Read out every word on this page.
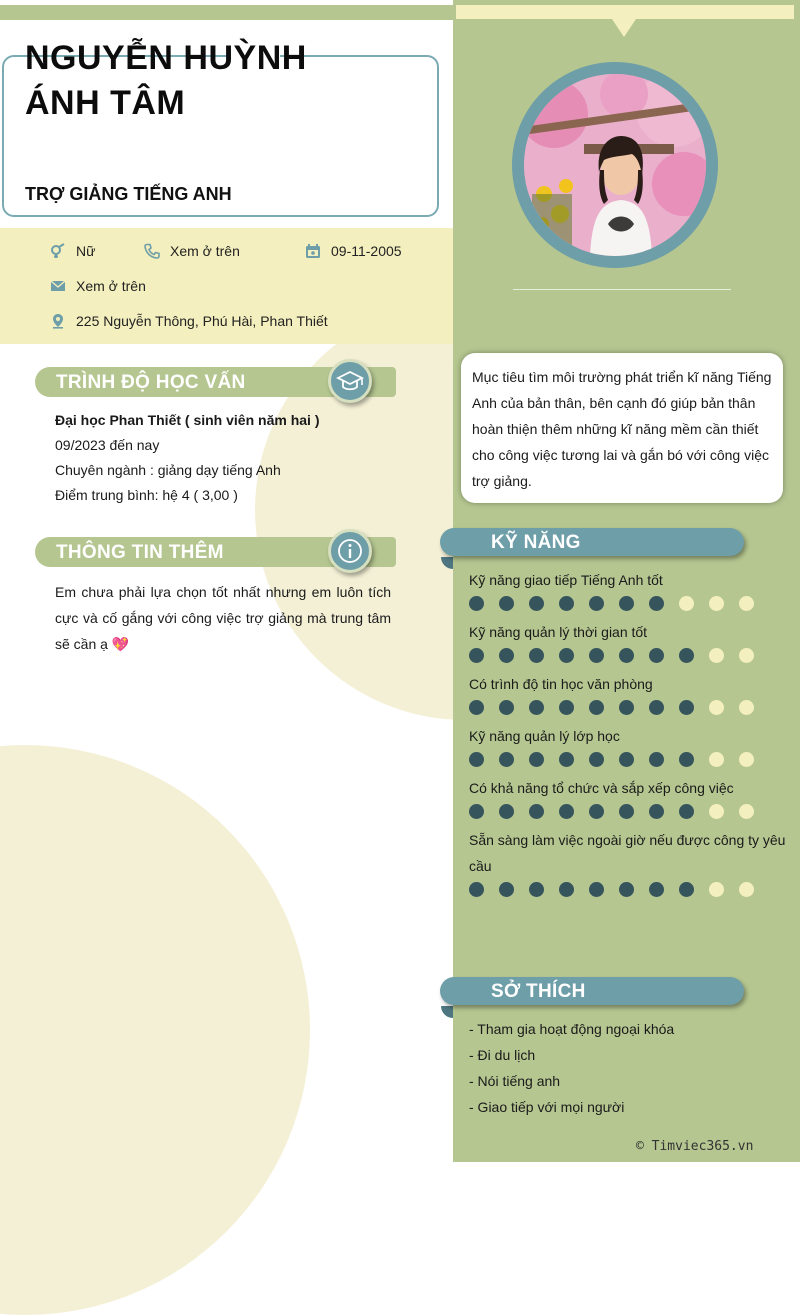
NGUYỄN HUỲNH ÁNH TÂM
TRỢ GIẢNG TIẾNG ANH
Nữ	Xem ở trên	09-11-2005
Xem ở trên
225 Nguyễn Thông, Phú Hài, Phan Thiết
TRÌNH ĐỘ HỌC VẤN
Đại học Phan Thiết ( sinh viên năm hai )
09/2023 đến nay
Chuyên ngành : giảng dạy tiếng Anh
Điểm trung bình: hệ 4 ( 3,00 )
THÔNG TIN THÊM
Em chưa phải lựa chọn tốt nhất nhưng em luôn tích cực và cố gắng với công việc trợ giảng mà trung tâm sẽ cần ạ 💖
Mục tiêu tìm môi trường phát triển kĩ năng Tiếng Anh của bản thân, bên cạnh đó giúp bản thân hoàn thiện thêm những kĩ năng mềm cần thiết cho công việc tương lai và gắn bó với công việc trợ giảng.
KỸ NĂNG
Kỹ năng giao tiếp Tiếng Anh tốt
Kỹ năng quản lý thời gian tốt
Có trình độ tin học văn phòng
Kỹ năng quản lý lớp học
Có khả năng tổ chức và sắp xếp công việc
Sẵn sàng làm việc ngoài giờ nếu được công ty yêu cầu
SỞ THÍCH
- Tham gia hoạt động ngoại khóa
- Đi du lịch
- Nói tiếng anh
- Giao tiếp với mọi người
© Timviec365.vn
